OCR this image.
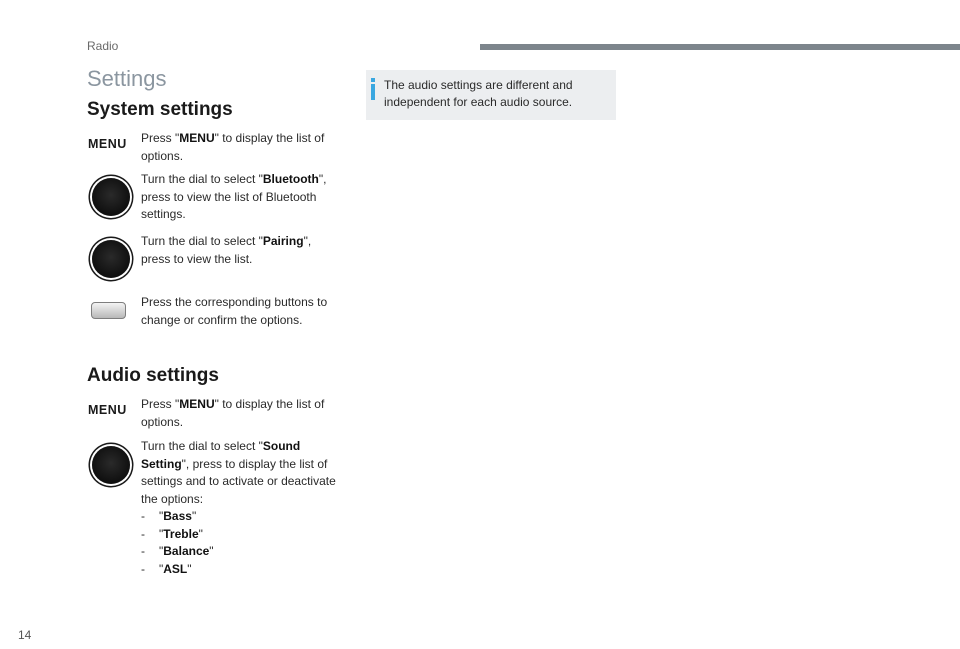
Radio
Settings
System settings
MENU Press "MENU" to display the list of options.
Turn the dial to select "Bluetooth", press to view the list of Bluetooth settings.
Turn the dial to select "Pairing", press to view the list.
Press the corresponding buttons to change or confirm the options.
Audio settings
MENU Press "MENU" to display the list of options.
Turn the dial to select "Sound Setting", press to display the list of settings and to activate or deactivate the options:
- "Bass"
- "Treble"
- "Balance"
- "ASL"
The audio settings are different and independent for each audio source.
14
